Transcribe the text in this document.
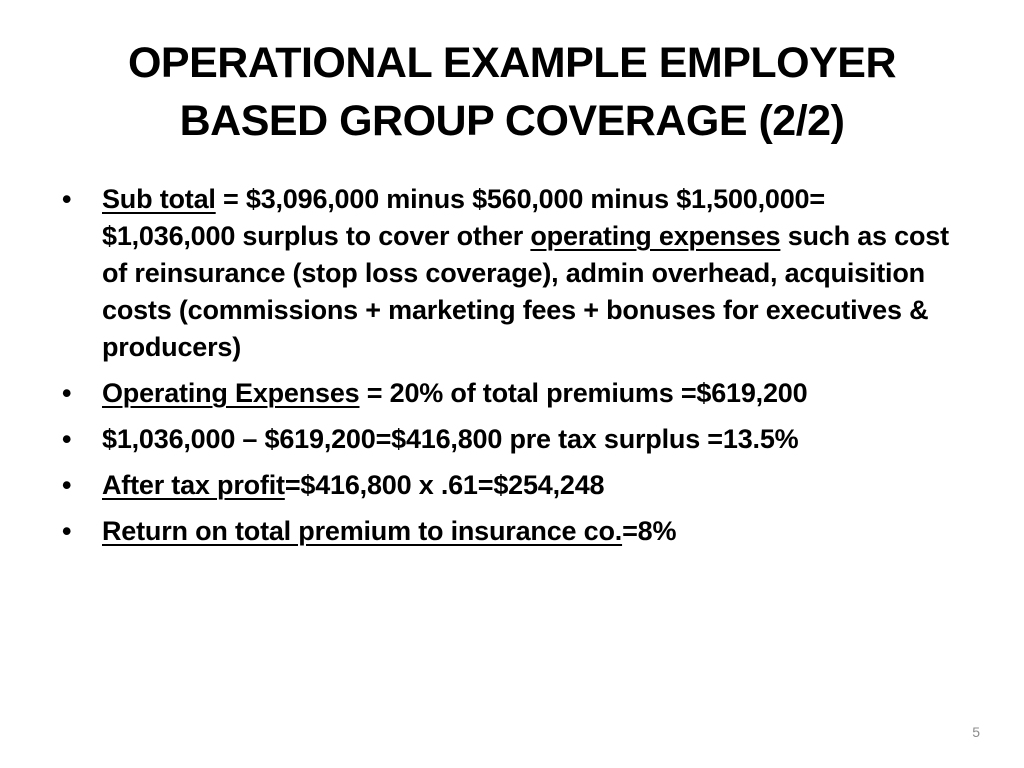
OPERATIONAL EXAMPLE EMPLOYER
BASED GROUP COVERAGE (2/2)
• Sub total = $3,096,000 minus $560,000 minus $1,500,000= $1,036,000 surplus to cover other operating expenses such as cost of reinsurance (stop loss coverage), admin overhead, acquisition costs (commissions + marketing fees + bonuses for executives & producers)
• Operating Expenses = 20% of total premiums =$619,200
• $1,036,000 – $619,200=$416,800 pre tax surplus =13.5%
• After tax profit=$416,800 x .61=$254,248
• Return on total premium to insurance co.=8%
5
